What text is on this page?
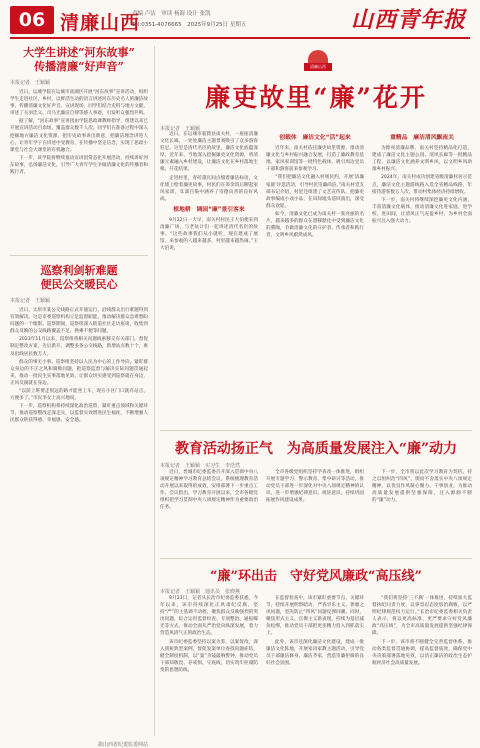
06 清廉山西
责编 卢洁　审读 杨海 设计 张凯
Tel:0351-4076665　2025年9月25日 星期五	山西青年报
大学生讲述“河东故事”
传播清廉“好声音”
本报记者　王颖颖

近日，运城学院在运城市盐湖区开展“河东故事”宣讲活动，组织学生走进社区、乡村，以鲜活生动的语言讲述河东历史名人的廉洁故事，传播清廉文化好声音。宣讲现场，同学们结合史料与地方文献，讲述了关羽忠义、司马光廉洁自律等感人事迹，引发听众强烈共鸣。

据了解，“河东故事”宣讲团由学院思政课教师指导，组建以来已开展宣讲活动百余场，覆盖群众数千人次。同学们在准备过程中深入挖掘地方廉洁文化资源，把历史故事讲出新意，把廉洁理念讲进人心，让青年学子在讲述中受教育，在传播中坚定信念，实现了思政小课堂与社会大课堂的有机融合。

下一步，该学院将继续推动宣讲团常态化开展活动，持续讲好河东故事，弘扬廉洁文化，引导广大青年学生争做清廉文化的传播者和践行者。

巡察利剑斩难题
便民公交暖民心
本报记者　王颖颖

近日，太原市某公交线路正式开通运行，沿线群众出行难题得到有效解决。这是市委巡察机构立足监督职能、推动解决群众急难愁盼问题的一个缩影。巡察期间，巡察组深入街道社区走访座谈，收集到群众反映的公交线路覆盖不足、换乘不便等问题。

2023年11月以来，巡察组将相关问题线索移交有关部门，督促制定整改方案，先后新开、调整多条公交线路，新增站点数十个，惠及沿线居民数万人。

群众的事无小事。巡察组坚持以人民为中心的工作导向，紧盯群众身边的不正之风和腐败问题，把巡察监督与解决实际问题贯通起来，推动一批民生实事落地见效，让群众切实感受到巡察就在身边，正风反腐就在身边。

“以前上班要走很远的路才能坐上车，现在小区门口就有站点，方便多了。”市民李女士高兴地说。

下一步，巡察机构将持续深化政治巡察，紧盯重点领域和关键环节，推动巡察整改走深走实，以监督实效增进民生福祉，不断增强人民群众的获得感、幸福感、安全感。

据山西省纪委监委网站
清廉山西
廉吏故里“廉”花开
本报记者　王颖颖

近日，在运城市临猗县南关村，一座座清廉文化长廊、一处处廉洁主题景观吸引了众多游客驻足。这里是清代名臣的故里，廉洁文化底蕴深厚。近年来，当地深入挖掘廉吏文化资源，将清廉元素融入乡村建设，让廉洁文化在乡村落地生根、开花结果。

走进村里，青砖黛瓦间点缀着廉洁标语，文化墙上绘着廉吏故事，村民们在茶余饭后聊起家风家训，耳濡目染中涵养了崇德向善的良好风尚。

植地耕　调园“廉”景引客来

9月22日一大早，南关村村民王大伯便来到清廉广场，与老伙计们一起讲述清代名臣的故事。“这些故事我们从小就听，现在建成了展馆，来参观的人越来越多，村里越来越热闹。”王大伯说。

创载体　廉洁文化“活”起来

近年来，南关村依托廉吏故里资源，推动清廉文化与乡村振兴融合发展，打造了廉政教育基地、家风家训馆等一批特色载体，吸引周边党员干部和游客前来参观学习。

“我们把廉洁文化融入村规民约，开展‘清廉家庭’评选活动，引导村民崇廉尚洁。”南关村党支部书记介绍，村里还组建了文艺宣传队，把廉吏故事编成小戏小品，在田间地头巡回演出，深受群众欢迎。

如今，清廉文化已成为南关村一张亮丽的名片，越来越多的群众在潜移默化中受到廉洁文化的熏陶，争做清廉文化的守护者、传承者和践行者，文明乡风蔚然成风。

重精品　廉洁清风飘南关

为擦亮清廉品牌，南关村坚持精品化打造，建成了廉洁文化主题公园、清风长廊等一批精品工程，以廉洁文化涵养文明乡风，以文明乡风助推乡村振兴。

2024年，南关村成功创建省级清廉村居示范点，廉洁文化主题游线路入选全省精品线路，年接待游客数万人次，带动村集体经济持续增收。

下一步，南关村将继续深挖廉吏文化内涵，丰富清廉文化载体，推动清廉文化进家庭、进学校、进田间，让清风正气充盈乡村，为乡村全面振兴注入强大动力。

教育活动扬正气　为高质量发展注入“廉”动力
本报记者　王颖颖　实习生　李浩然

近日，晋城市纪委监委召开深入贯彻中央八项规定精神学习教育总结会议，系统梳理教育活动开展以来取得的成效，安排部署下一步重点工作。会议指出，学习教育开展以来，全市各级党组织把学习贯彻中央八项规定精神作为重要政治任务。

全市各级党组织坚持学查改一体推进，组织开展专题学习、警示教育、集中研讨等活动，推动党员干部进一步深化对中央八项规定精神的认识，进一步增强纪律意识、规矩意识，持续巩固拓展作风建设成果。

下一步，全市将以此次学习教育为契机，持之以恒纠治“四风”，锲而不舍落实中央八项规定精神，以优良作风凝心聚力、干事创业，为推动高质量发展提供坚强保障，注入源源不断的“廉”动力。

“廉”环出击　守好党风廉政“高压线”
本报记者　王颖颖　通讯员　张晓燕

9月23日，记者从长治市纪委监委获悉，今年以来，该市持续深化正风肃纪反腐，坚持“严”的主基调不动摇，聚焦群众反映强烈的突出问题，综合运用监督检查、专项整治、通报曝光等方式，推动全面从严治党向纵深发展，着力营造风清气正的政治生态。

该市纪委监委坚持以案为鉴、以案促改，深入剖析典型案例，督促发案单位查找问题症结、健全制度机制，以“案”为镜敲响警钟，推动党员干部知敬畏、存戒惧、守底线，切实筑牢拒腐防变的思想防线。

在监督检查中，该市紧盯重要节点、关键环节，持续开展明察暗访，严查享乐主义、奢靡之风问题，坚决防止“四风”问题反弹回潮。同时，聚焦形式主义、官僚主义新表现，持续为基层减负松绑，推动党员干部把更多精力投入到抓落实上。

此外，该市还深化廉洁文化建设，建成一批廉洁文化阵地，开展家风家教主题活动，引导党员干部廉洁修身、廉洁齐家，营造崇廉拒腐的良好社会氛围。

“我们将坚持‘三不腐’一体推进，持续加大监督执纪问责力度，以零容忍态度惩治腐败，以严明纪律规范权力运行。”长治市纪委监委相关负责人表示，将以更高标准、更严要求守好党风廉政“高压线”，为全市高质量发展提供坚强纪律保障。

下一步，该市将不断健全完善监督体系，推动各类监督贯通协调，提高监督质效，确保党中央决策部署落地见效，以清正廉洁的政治生态护航经济社会高质量发展。
